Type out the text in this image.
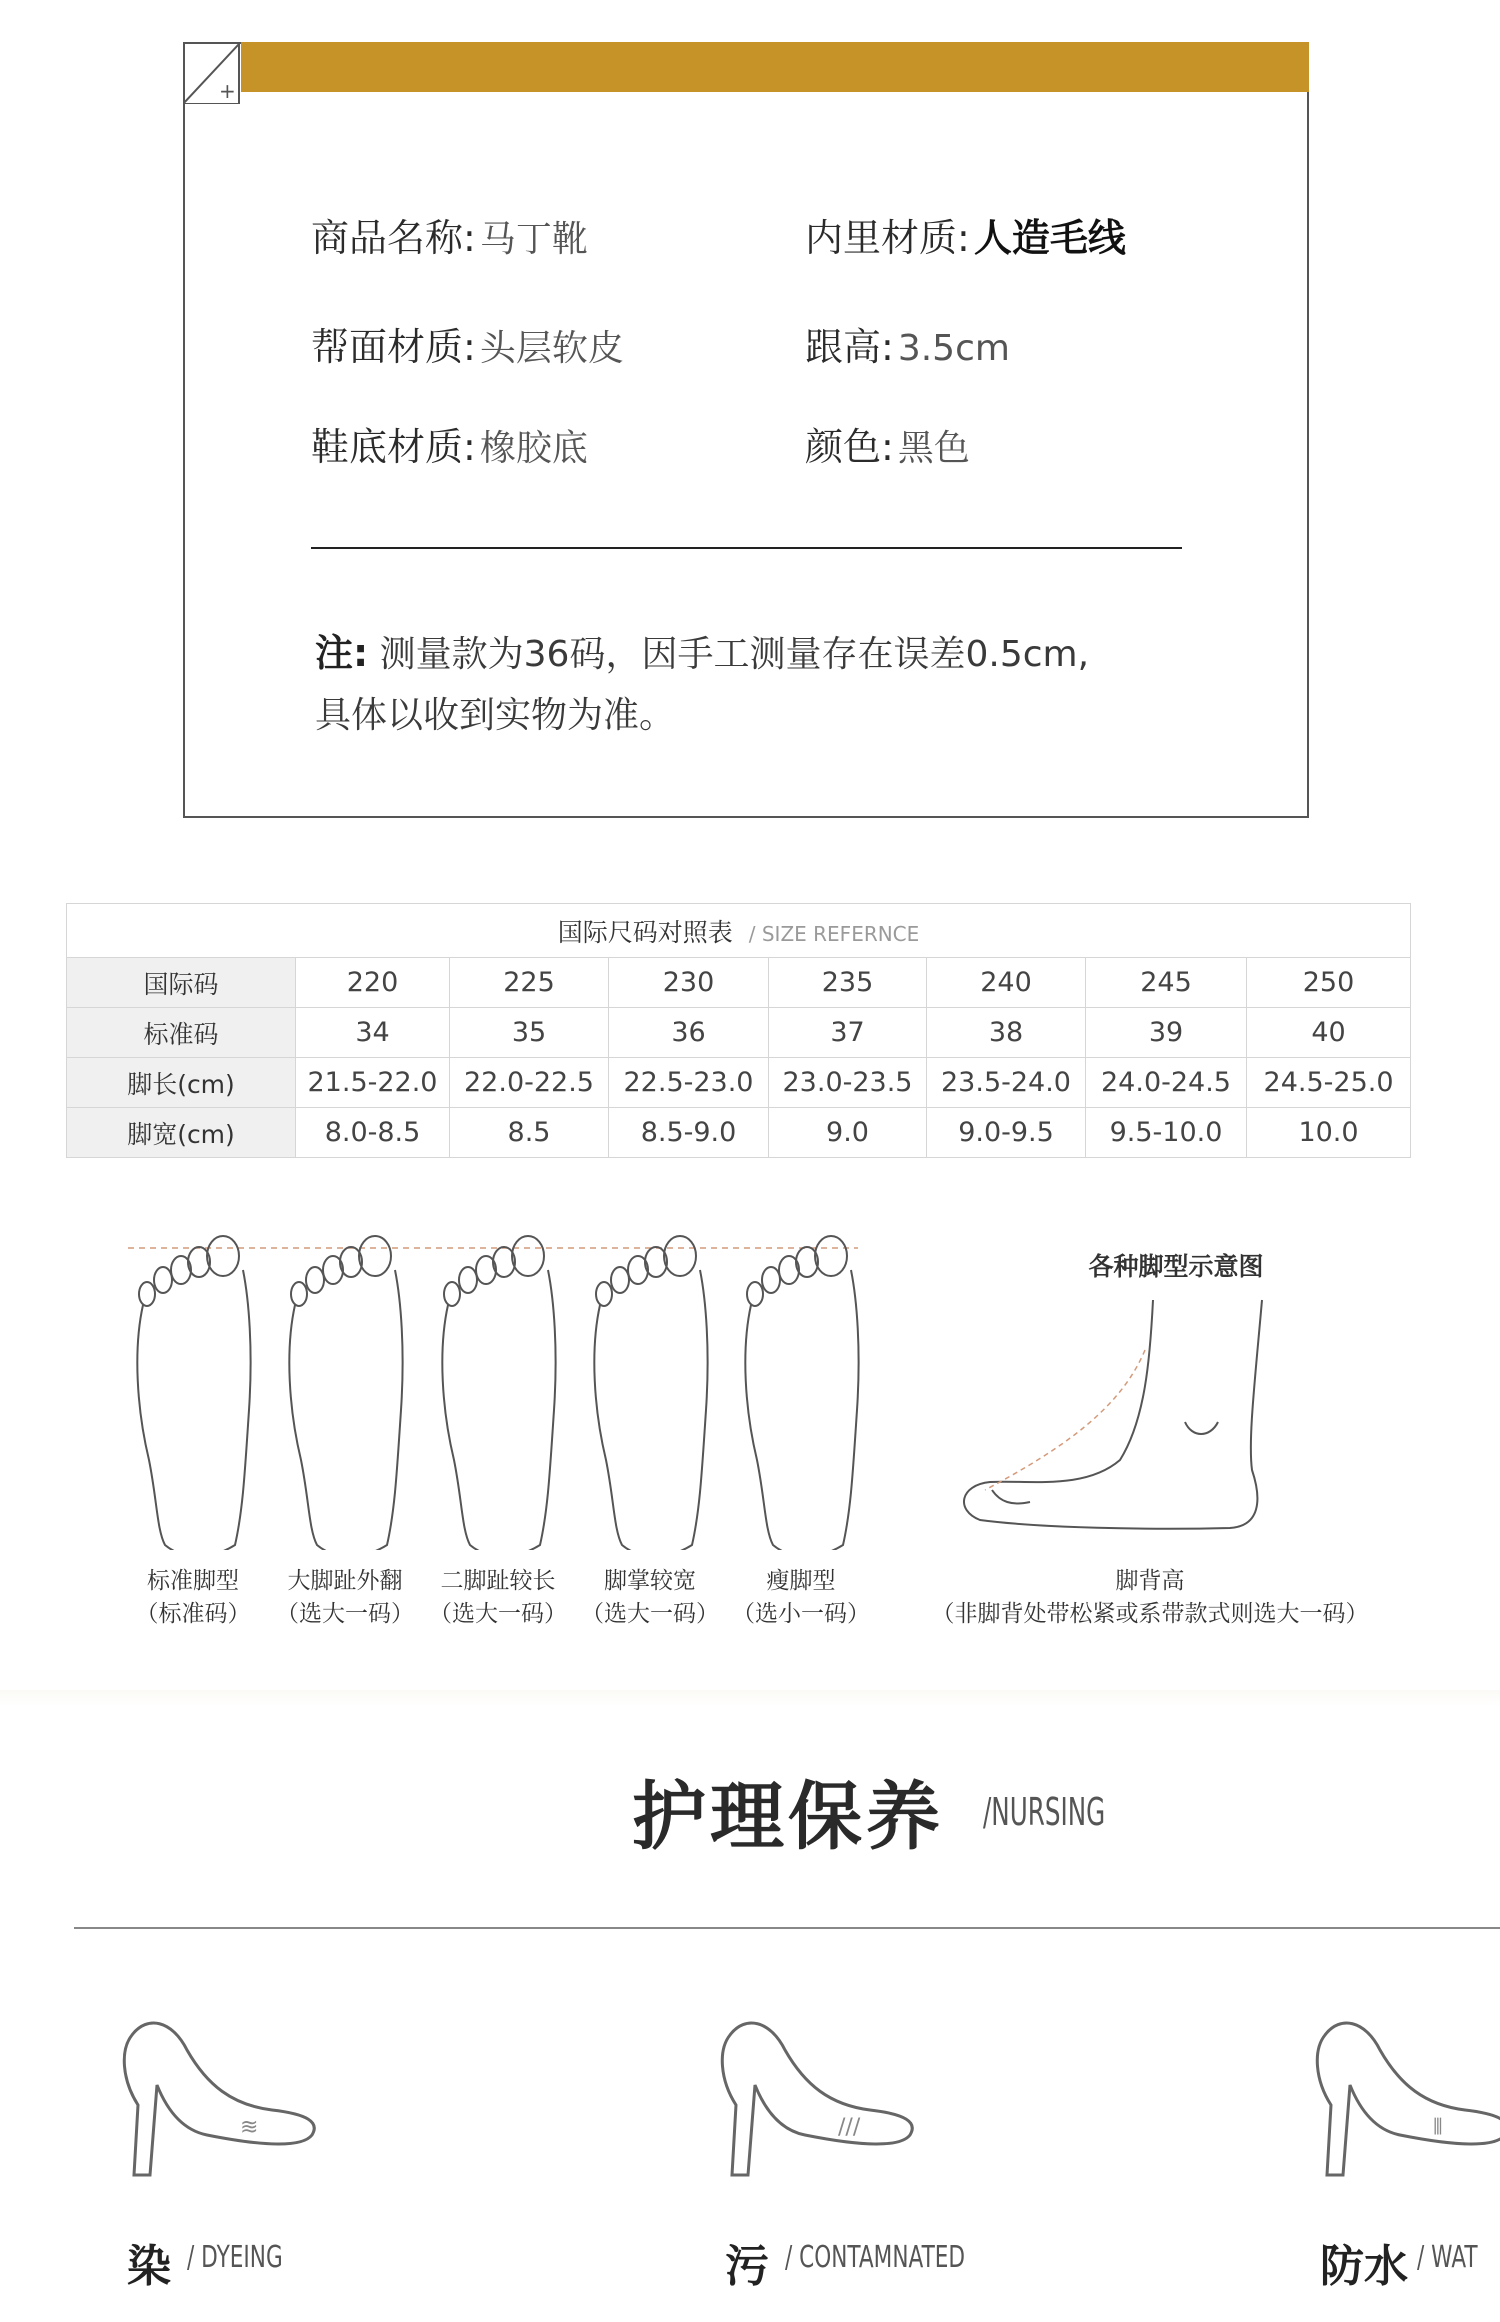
+
商品名称: 马丁靴	内里材质: 人造毛线
帮面材质: 头层软皮	跟高: 3.5cm
鞋底材质: 橡胶底	颜色: 黑色
注: 测量款为36码，因手工测量存在误差0.5cm,
具体以收到实物为准。
国际尺码对照表 / SIZE REFERNCE							
国际码	220	225	230	235	240	245	250
标准码	34	35	36	37	38	39	40
脚长(cm)	21.5-22.0	22.0-22.5	22.5-23.0	23.0-23.5	23.5-24.0	24.0-24.5	24.5-25.0
脚宽(cm)	8.0-8.5	8.5	8.5-9.0	9.0	9.0-9.5	9.5-10.0	10.0
各种脚型示意图
标准脚型
（标准码）
大脚趾外翻
（选大一码）
二脚趾较长
（选大一码）
脚掌较宽
（选大一码）
瘦脚型
（选小一码）
脚背高
（非脚背处带松紧或系带款式则选大一码）
护理保养 /NURSING
≋
染 / DYEING
///
污 / CONTAMNATED
⦀
防水 / WAT
